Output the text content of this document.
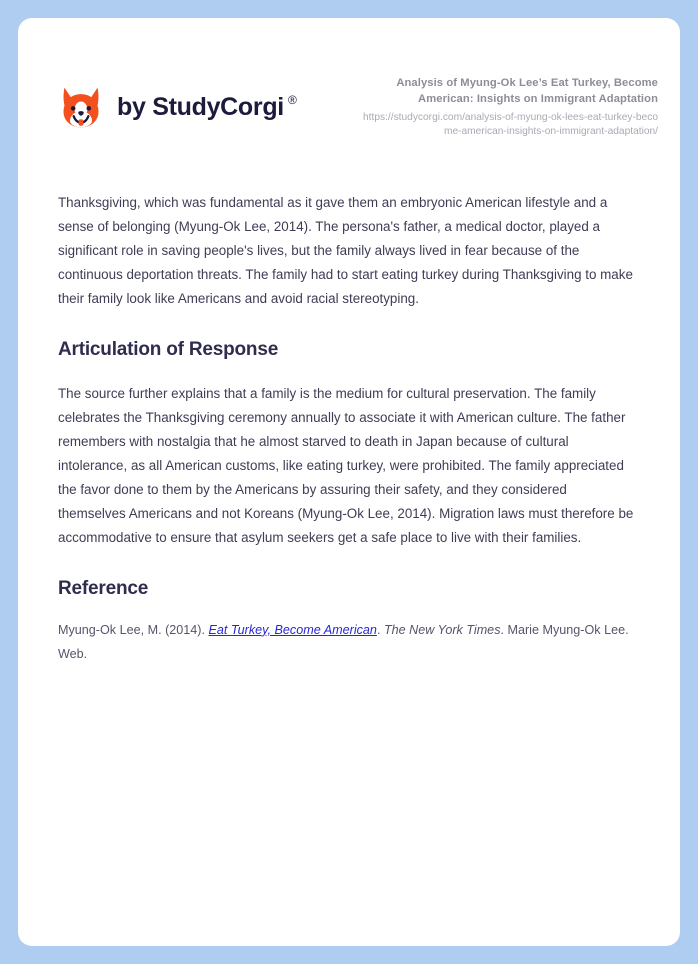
by StudyCorgi ®

Analysis of Myung-Ok Lee’s Eat Turkey, Become American: Insights on Immigrant Adaptation

https://studycorgi.com/analysis-of-myung-ok-lees-eat-turkey-become-american-insights-on-immigrant-adaptation/

Thanksgiving, which was fundamental as it gave them an embryonic American lifestyle and a sense of belonging (Myung-Ok Lee, 2014). The persona's father, a medical doctor, played a significant role in saving people's lives, but the family always lived in fear because of the continuous deportation threats. The family had to start eating turkey during Thanksgiving to make their family look like Americans and avoid racial stereotyping.

Articulation of Response

The source further explains that a family is the medium for cultural preservation. The family celebrates the Thanksgiving ceremony annually to associate it with American culture. The father remembers with nostalgia that he almost starved to death in Japan because of cultural intolerance, as all American customs, like eating turkey, were prohibited. The family appreciated the favor done to them by the Americans by assuring their safety, and they considered themselves Americans and not Koreans (Myung-Ok Lee, 2014). Migration laws must therefore be accommodative to ensure that asylum seekers get a safe place to live with their families.

Reference

Myung-Ok Lee, M. (2014). Eat Turkey, Become American. The New York Times. Marie Myung-Ok Lee. Web.
